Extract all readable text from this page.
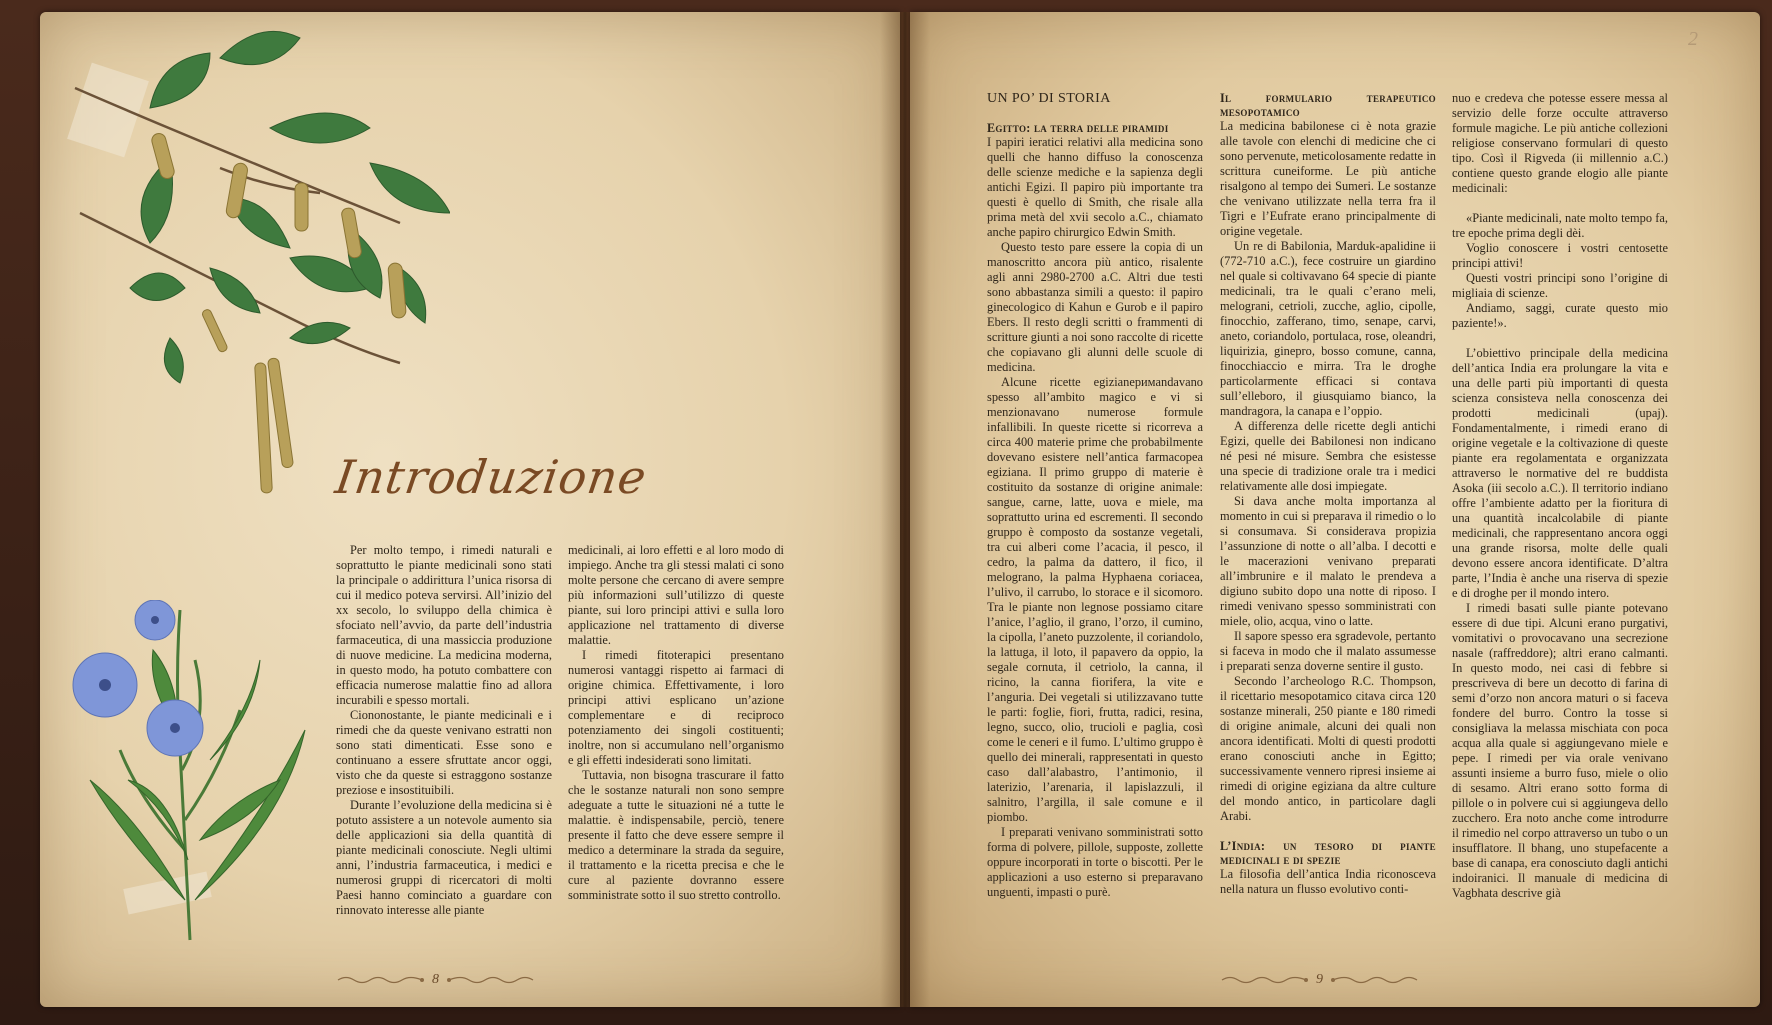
Introduzione

Per molto tempo, i rimedi naturali e soprattutto le piante medicinali sono stati la principale o addirittura l’unica risorsa di cui il medico poteva servirsi. All’inizio del xx secolo, lo sviluppo della chimica è sfociato nell’avvio, da parte dell’industria farmaceutica, di una massiccia produzione di nuove medicine. La medicina moderna, in questo modo, ha potuto combattere con efficacia numerose malattie fino ad allora incurabili e spesso mortali.

Ciononostante, le piante medicinali e i rimedi che da queste venivano estratti non sono stati dimenticati. Esse sono e continuano a essere sfruttate ancor oggi, visto che da queste si estraggono sostanze preziose e insostituibili.

Durante l’evoluzione della medicina si è potuto assistere a un notevole aumento sia delle applicazioni sia della quantità di piante medicinali conosciute. Negli ultimi anni, l’industria farmaceutica, i medici e numerosi gruppi di ricercatori di molti Paesi hanno cominciato a guardare con rinnovato interesse alle piante

medicinali, ai loro effetti e al loro modo di impiego. Anche tra gli stessi malati ci sono molte persone che cercano di avere sempre più informazioni sull’utilizzo di queste piante, sui loro principi attivi e sulla loro applicazione nel trattamento di diverse malattie.

I rimedi fitoterapici presentano numerosi vantaggi rispetto ai farmaci di origine chimica. Effettivamente, i loro principi attivi esplicano un’azione complementare e di reciproco potenziamento dei singoli costituenti; inoltre, non si accumulano nell’organismo e gli effetti indesiderati sono limitati.

Tuttavia, non bisogna trascurare il fatto che le sostanze naturali non sono sempre adeguate a tutte le situazioni né a tutte le malattie. è indispensabile, perciò, tenere presente il fatto che deve essere sempre il medico a determinare la strada da seguire, il trattamento e la ricetta precisa e che le cure al paziente dovranno essere somministrate sotto il suo stretto controllo.

UN PO’ DI STORIA
Egitto: la terra delle piramidi

I papiri ieratici relativi alla medicina sono quelli che hanno diffuso la conoscenza delle scienze mediche e la sapienza degli antichi Egizi. Il papiro più importante tra questi è quello di Smith, che risale alla prima metà del xvii secolo a.C., chiamato anche papiro chirurgico Edwin Smith.

Questo testo pare essere la copia di un manoscritto ancora più antico, risalente agli anni 2980-2700 a.C. Altri due testi sono abbastanza simili a questo: il papiro ginecologico di Kahun e Gurob e il papiro Ebers. Il resto degli scritti o frammenti di scritture giunti a noi sono raccolte di ricette che copiavano gli alunni delle scuole di medicina.

Alcune ricette egizianeримandavano spesso all’ambito magico e vi si menzionavano numerose formule infallibili. In queste ricette si ricorreva a circa 400 materie prime che probabilmente dovevano esistere nell’antica farmacopea egiziana. Il primo gruppo di materie è costituito da sostanze di origine animale: sangue, carne, latte, uova e miele, ma soprattutto urina ed escrementi. Il secondo gruppo è composto da sostanze vegetali, tra cui alberi come l’acacia, il pesco, il cedro, la palma da dattero, il fico, il melograno, la palma Hyphaena coriacea, l’ulivo, il carrubo, lo storace e il sicomoro. Tra le piante non legnose possiamo citare l’anice, l’aglio, il grano, l’orzo, il cumino, la cipolla, l’aneto puzzolente, il coriandolo, la lattuga, il loto, il papavero da oppio, la segale cornuta, il cetriolo, la canna, il ricino, la canna fiorifera, la vite e l’anguria. Dei vegetali si utilizzavano tutte le parti: foglie, fiori, frutta, radici, resina, legno, succo, olio, trucioli e paglia, così come le ceneri e il fumo. L’ultimo gruppo è quello dei minerali, rappresentati in questo caso dall’alabastro, l’antimonio, il laterizio, l’arenaria, il lapislazzuli, il salnitro, l’argilla, il sale comune e il piombo.

I preparati venivano somministrati sotto forma di polvere, pillole, supposte, zollette oppure incorporati in torte o biscotti. Per le applicazioni a uso esterno si preparavano unguenti, impasti o purè.

Il formulario terapeutico mesopotamico

La medicina babilonese ci è nota grazie alle tavole con elenchi di medicine che ci sono pervenute, meticolosamente redatte in scrittura cuneiforme. Le più antiche risalgono al tempo dei Sumeri. Le sostanze che venivano utilizzate nella terra fra il Tigri e l’Eufrate erano principalmente di origine vegetale.

Un re di Babilonia, Marduk-apalidine ii (772-710 a.C.), fece costruire un giardino nel quale si coltivavano 64 specie di piante medicinali, tra le quali c’erano meli, melograni, cetrioli, zucche, aglio, cipolle, finocchio, zafferano, timo, senape, carvi, aneto, coriandolo, portulaca, rose, oleandri, liquirizia, ginepro, bosso comune, canna, finocchiaccio e mirra. Tra le droghe particolarmente efficaci si contava sull’elleboro, il giusquiamo bianco, la mandragora, la canapa e l’oppio.

A differenza delle ricette degli antichi Egizi, quelle dei Babilonesi non indicano né pesi né misure. Sembra che esistesse una specie di tradizione orale tra i medici relativamente alle dosi impiegate.

Si dava anche molta importanza al momento in cui si preparava il rimedio o lo si consumava. Si considerava propizia l’assunzione di notte o all’alba. I decotti e le macerazioni venivano preparati all’imbrunire e il malato le prendeva a digiuno subito dopo una notte di riposo. I rimedi venivano spesso somministrati con miele, olio, acqua, vino o latte.

Il sapore spesso era sgradevole, pertanto si faceva in modo che il malato assumesse i preparati senza doverne sentire il gusto.

Secondo l’archeologo R.C. Thompson, il ricettario mesopotamico citava circa 120 sostanze minerali, 250 piante e 180 rimedi di origine animale, alcuni dei quali non ancora identificati. Molti di questi prodotti erano conosciuti anche in Egitto; successivamente vennero ripresi insieme ai rimedi di origine egiziana da altre culture del mondo antico, in particolare dagli Arabi.

L’India: un tesoro di piante medicinali e di spezie

La filosofia dell’antica India riconosceva nella natura un flusso evolutivo conti-

nuo e credeva che potesse essere messa al servizio delle forze occulte attraverso formule magiche. Le più antiche collezioni religiose conservano formulari di questo tipo. Così il Rigveda (ii millennio a.C.) contiene questo grande elogio alle piante medicinali:

«Piante medicinali, nate molto tempo fa, tre epoche prima degli dèi.

Voglio conoscere i vostri centosette principi attivi!

Questi vostri principi sono l’origine di migliaia di scienze.

Andiamo, saggi, curate questo mio paziente!».

L’obiettivo principale della medicina dell’antica India era prolungare la vita e una delle parti più importanti di questa scienza consisteva nella conoscenza dei prodotti medicinali (upaj). Fondamentalmente, i rimedi erano di origine vegetale e la coltivazione di queste piante era regolamentata e organizzata attraverso le normative del re buddista Asoka (iii secolo a.C.). Il territorio indiano offre l’ambiente adatto per la fioritura di una quantità incalcolabile di piante medicinali, che rappresentano ancora oggi una grande risorsa, molte delle quali devono essere ancora identificate. D’altra parte, l’India è anche una riserva di spezie e di droghe per il mondo intero.

I rimedi basati sulle piante potevano essere di due tipi. Alcuni erano purgativi, vomitativi o provocavano una secrezione nasale (raffreddore); altri erano calmanti. In questo modo, nei casi di febbre si prescriveva di bere un decotto di farina di semi d’orzo non ancora maturi o si faceva fondere del burro. Contro la tosse si consigliava la melassa mischiata con poca acqua alla quale si aggiungevano miele e pepe. I rimedi per via orale venivano assunti insieme a burro fuso, miele o olio di sesamo. Altri erano sotto forma di pillole o in polvere cui si aggiungeva dello zucchero. Era noto anche come introdurre il rimedio nel corpo attraverso un tubo o un insufflatore. Il bhang, uno stupefacente a base di canapa, era conosciuto dagli antichi indoiranici. Il manuale di medicina di Vagbhata descrive già

8	9
2
